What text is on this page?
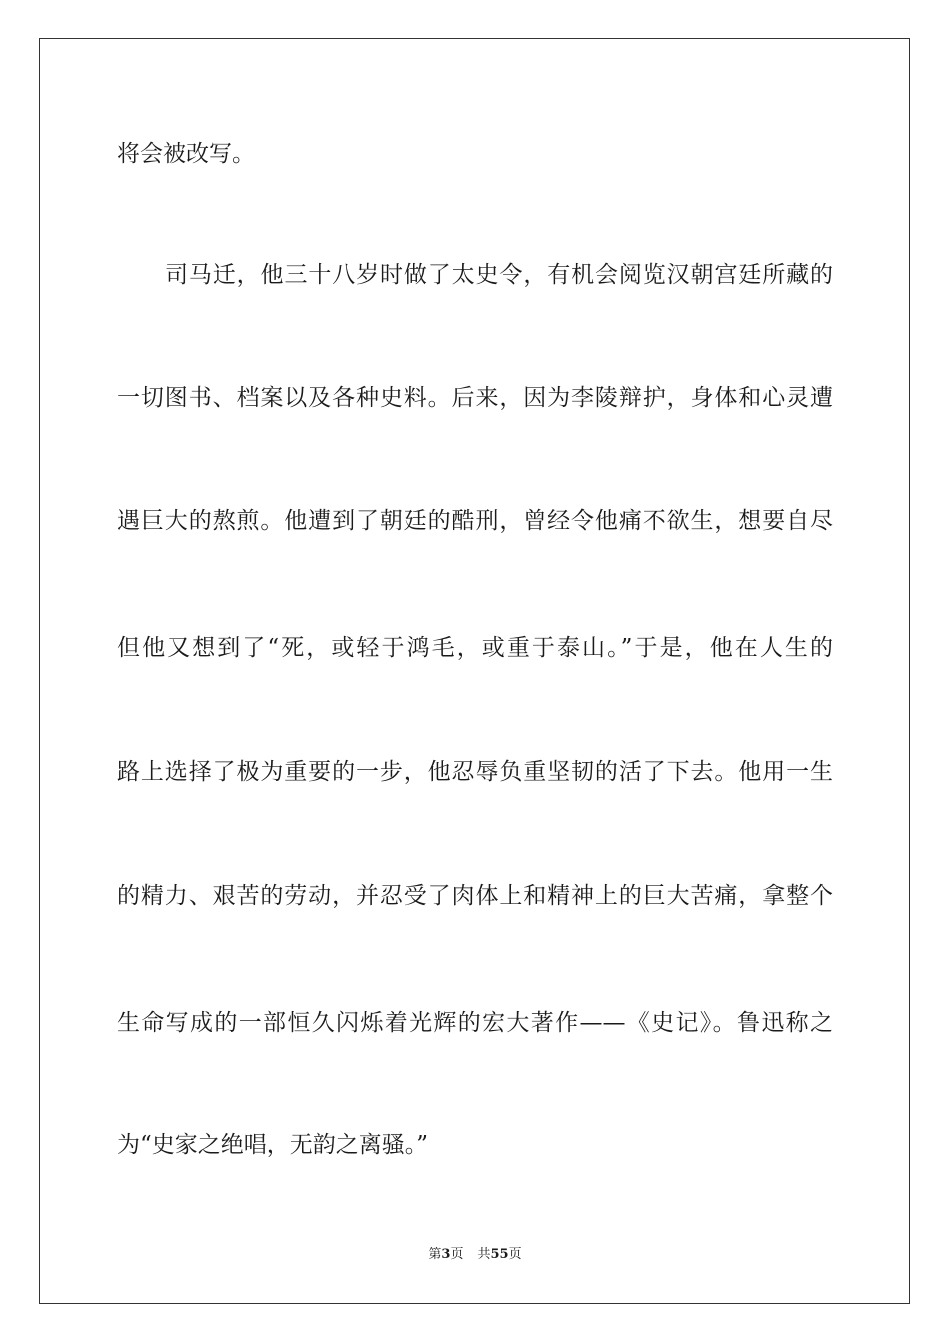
将会被改写。
司马迁，他三十八岁时做了太史令，有机会阅览汉朝宫廷所藏的
一切图书、档案以及各种史料。后来，因为李陵辩护，身体和心灵遭
遇巨大的熬煎。他遭到了朝廷的酷刑，曾经令他痛不欲生，想要自尽
但他又想到了“死，或轻于鸿毛，或重于泰山。”于是，他在人生的
路上选择了极为重要的一步，他忍辱负重坚韧的活了下去。他用一生
的精力、艰苦的劳动，并忍受了肉体上和精神上的巨大苦痛，拿整个
生命写成的一部恒久闪烁着光辉的宏大著作——《史记》。鲁迅称之
为“史家之绝唱，无韵之离骚。”
第3页 共55页
